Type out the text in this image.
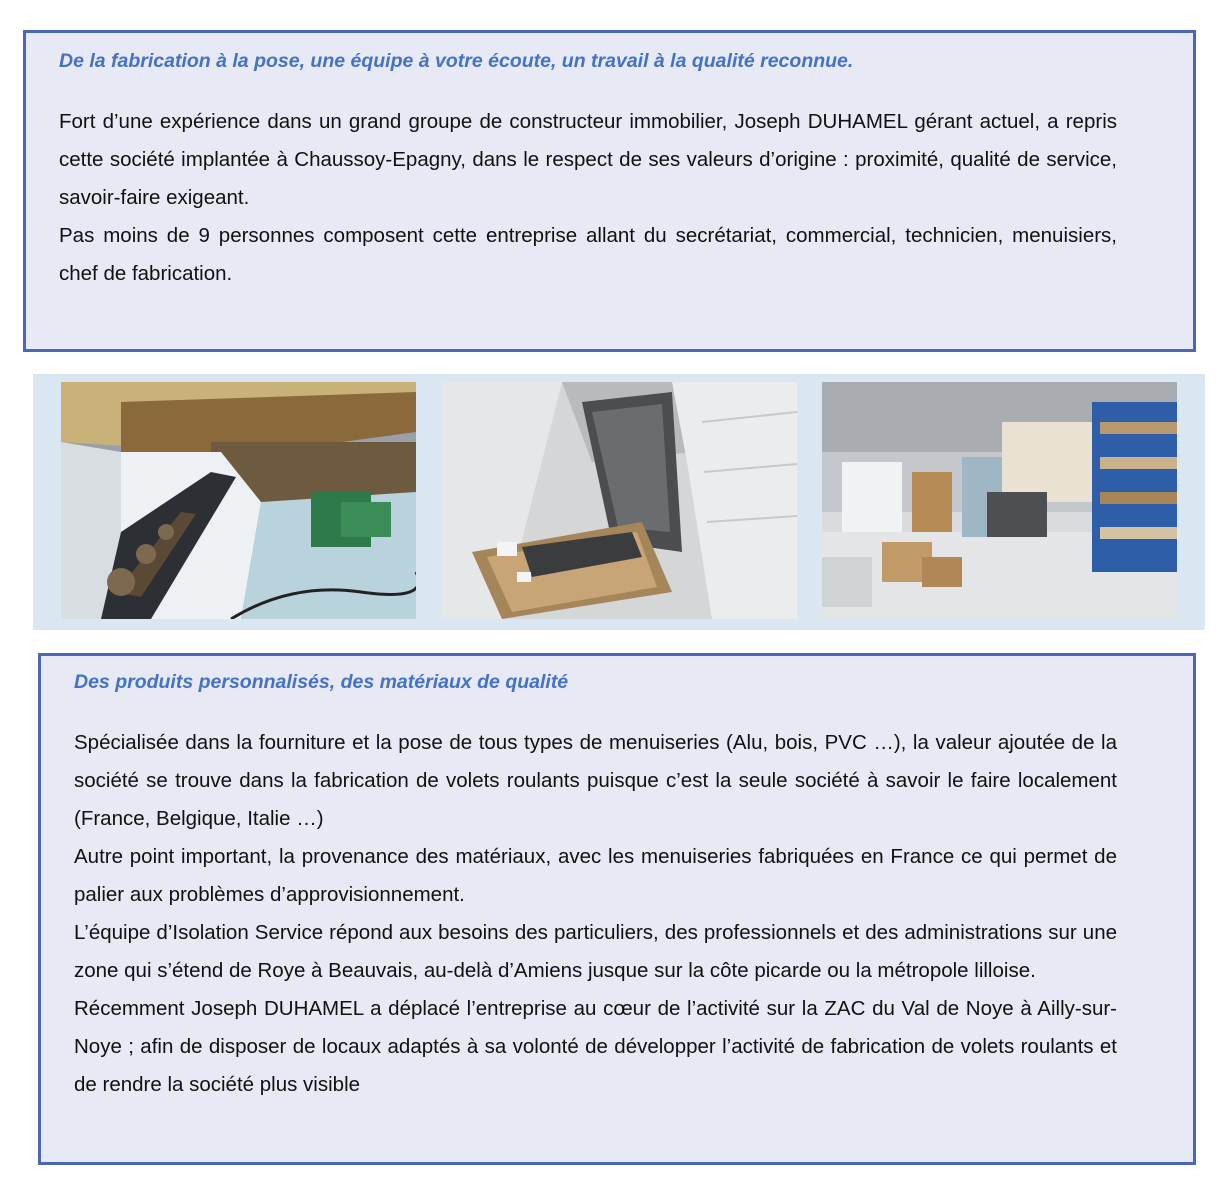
De la fabrication à la pose, une équipe à votre écoute, un travail à la qualité reconnue.

Fort d’une expérience dans un grand groupe de constructeur immobilier, Joseph DUHAMEL gérant actuel, a repris cette société implantée à Chaussoy-Epagny, dans le respect de ses valeurs d’origine : proximité, qualité de service, savoir-faire exigeant.

Pas moins de 9 personnes composent cette entreprise allant du secrétariat, commercial, technicien, menuisiers, chef de fabrication.

Des produits personnalisés, des matériaux de qualité

Spécialisée dans la fourniture et la pose de tous types de menuiseries (Alu, bois, PVC …), la valeur ajoutée de la société se trouve dans la fabrication de volets roulants puisque c’est la seule société à savoir le faire localement (France, Belgique, Italie …)

Autre point important, la provenance des matériaux, avec les menuiseries fabriquées en France ce qui permet de palier aux problèmes d’approvisionnement.

L’équipe d’Isolation Service répond aux besoins des particuliers, des professionnels et des administrations sur une zone qui s’étend de Roye à Beauvais, au-delà d’Amiens jusque sur la côte picarde ou la métropole lilloise.

Récemment Joseph DUHAMEL a déplacé l’entreprise au cœur de l’activité sur la ZAC du Val de Noye à Ailly-sur-Noye ; afin de disposer de locaux adaptés à sa volonté de développer l’activité de fabrication de volets roulants et de rendre la société plus visible
